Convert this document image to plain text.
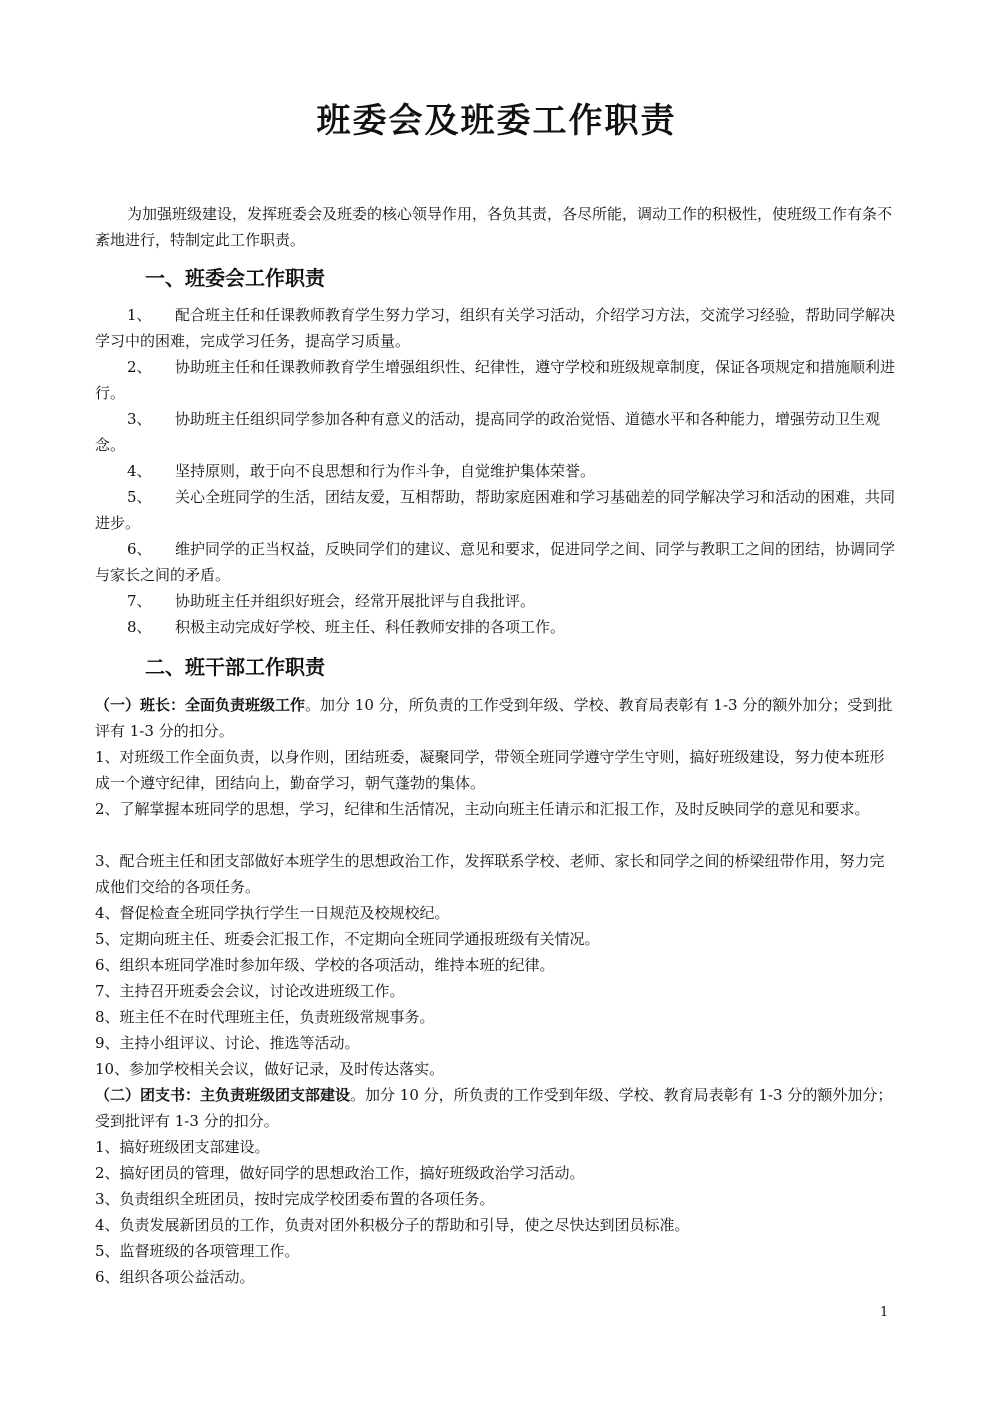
班委会及班委工作职责
为加强班级建设，发挥班委会及班委的核心领导作用，各负其责，各尽所能，调动工作的积极性，使班级工作有条不紊地进行，特制定此工作职责。
一、班委会工作职责
1、 配合班主任和任课教师教育学生努力学习，组织有关学习活动，介绍学习方法，交流学习经验，帮助同学解决学习中的困难，完成学习任务，提高学习质量。
2、 协助班主任和任课教师教育学生增强组织性、纪律性，遵守学校和班级规章制度，保证各项规定和措施顺利进行。
3、 协助班主任组织同学参加各种有意义的活动，提高同学的政治觉悟、道德水平和各种能力，增强劳动卫生观念。
4、 坚持原则，敢于向不良思想和行为作斗争，自觉维护集体荣誉。
5、 关心全班同学的生活，团结友爱，互相帮助，帮助家庭困难和学习基础差的同学解决学习和活动的困难，共同进步。
6、 维护同学的正当权益，反映同学们的建议、意见和要求，促进同学之间、同学与教职工之间的团结，协调同学与家长之间的矛盾。
7、 协助班主任并组织好班会，经常开展批评与自我批评。
8、 积极主动完成好学校、班主任、科任教师安排的各项工作。
二、班干部工作职责
（一）班长：全面负责班级工作。加分 10 分，所负责的工作受到年级、学校、教育局表彰有 1-3 分的额外加分；受到批评有 1-3 分的扣分。
1、对班级工作全面负责，以身作则，团结班委，凝聚同学，带领全班同学遵守学生守则，搞好班级建设，努力使本班形成一个遵守纪律，团结向上，勤奋学习，朝气蓬勃的集体。
2、了解掌握本班同学的思想，学习，纪律和生活情况，主动向班主任请示和汇报工作，及时反映同学的意见和要求。
3、配合班主任和团支部做好本班学生的思想政治工作，发挥联系学校、老师、家长和同学之间的桥梁纽带作用，努力完成他们交给的各项任务。
4、督促检查全班同学执行学生一日规范及校规校纪。
5、定期向班主任、班委会汇报工作，不定期向全班同学通报班级有关情况。
6、组织本班同学准时参加年级、学校的各项活动，维持本班的纪律。
7、主持召开班委会会议，讨论改进班级工作。
8、班主任不在时代理班主任，负责班级常规事务。
9、主持小组评议、讨论、推选等活动。
10、参加学校相关会议，做好记录，及时传达落实。
（二）团支书：主负责班级团支部建设。加分 10 分，所负责的工作受到年级、学校、教育局表彰有 1-3 分的额外加分；受到批评有 1-3 分的扣分。
1、搞好班级团支部建设。
2、搞好团员的管理，做好同学的思想政治工作，搞好班级政治学习活动。
3、负责组织全班团员，按时完成学校团委布置的各项任务。
4、负责发展新团员的工作，负责对团外积极分子的帮助和引导，使之尽快达到团员标准。
5、监督班级的各项管理工作。
6、组织各项公益活动。
1
